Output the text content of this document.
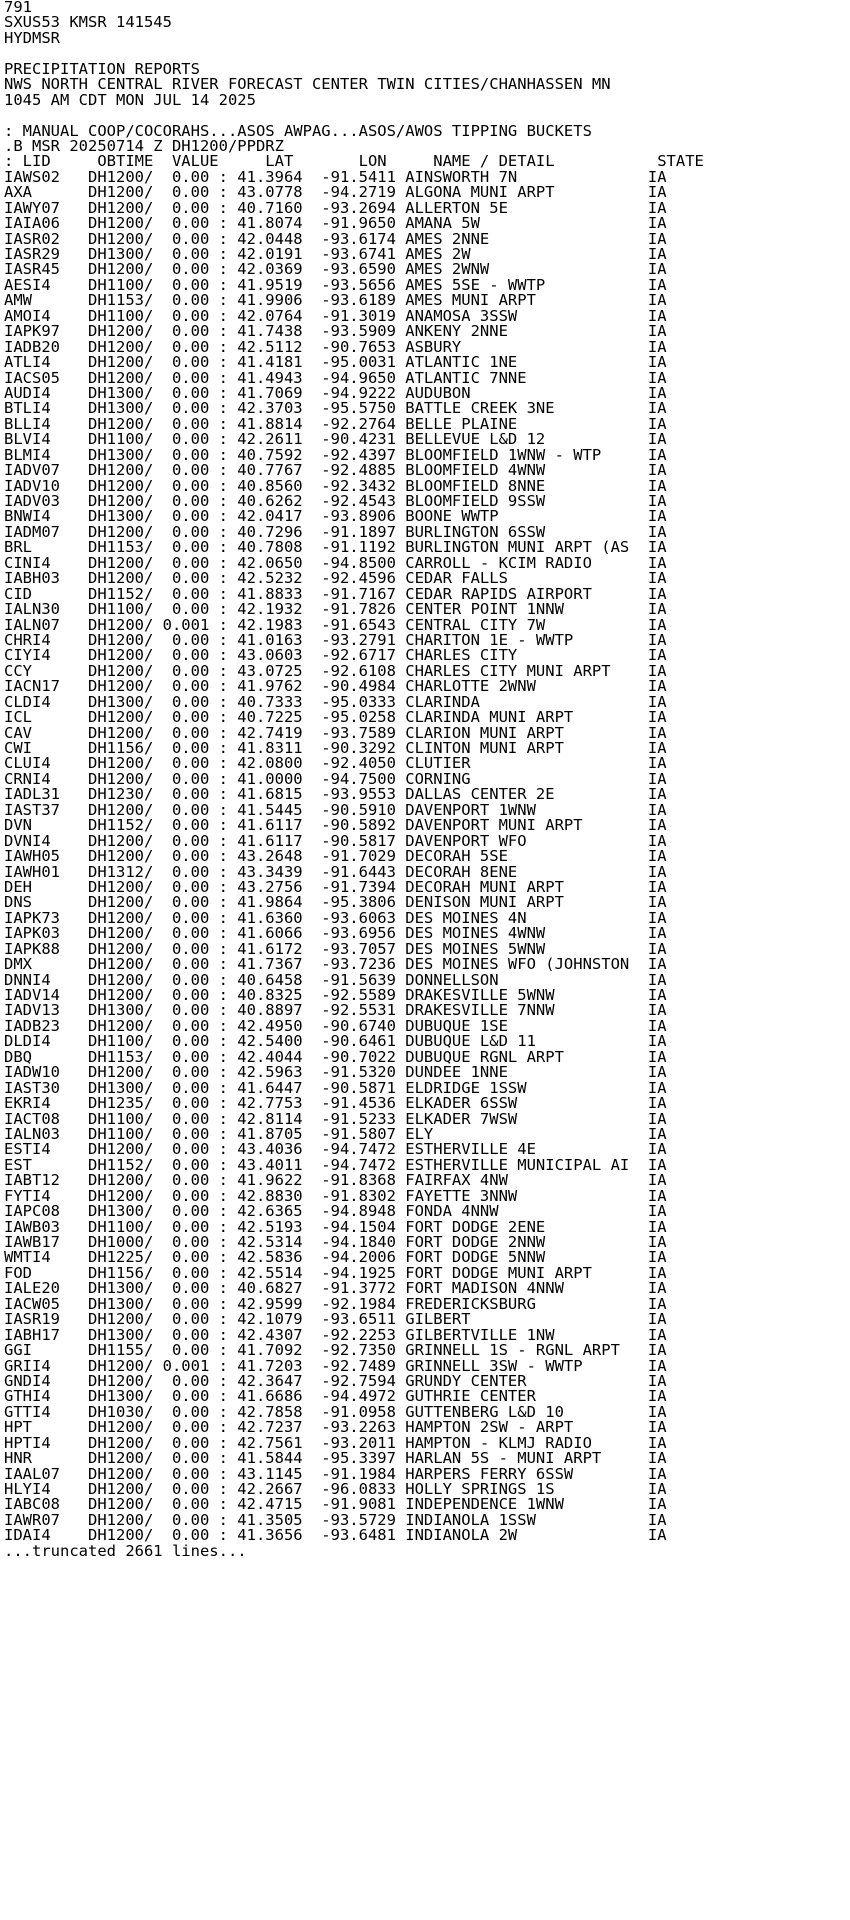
791
SXUS53 KMSR 141545
HYDMSR
PRECIPITATION REPORTS
NWS NORTH CENTRAL RIVER FORECAST CENTER TWIN CITIES/CHANHASSEN MN
1045 AM CDT MON JUL 14 2025
: MANUAL COOP/COCORAHS...ASOS AWPAG...ASOS/AWOS TIPPING BUCKETS
.B MSR 20250714 Z DH1200/PPDRZ
: LID     OBTIME  VALUE     LAT       LON     NAME / DETAIL           STATE
IAWS02   DH1200/  0.00 : 41.3964  -91.5411 AINSWORTH 7N              IA
AXA      DH1200/  0.00 : 43.0778  -94.2719 ALGONA MUNI ARPT          IA
IAWY07   DH1200/  0.00 : 40.7160  -93.2694 ALLERTON 5E               IA
IAIA06   DH1200/  0.00 : 41.8074  -91.9650 AMANA 5W                  IA
IASR02   DH1200/  0.00 : 42.0448  -93.6174 AMES 2NNE                 IA
IASR29   DH1300/  0.00 : 42.0191  -93.6741 AMES 2W                   IA
IASR45   DH1200/  0.00 : 42.0369  -93.6590 AMES 2WNW                 IA
AESI4    DH1100/  0.00 : 41.9519  -93.5656 AMES 5SE - WWTP           IA
AMW      DH1153/  0.00 : 41.9906  -93.6189 AMES MUNI ARPT            IA
AMOI4    DH1100/  0.00 : 42.0764  -91.3019 ANAMOSA 3SSW              IA
IAPK97   DH1200/  0.00 : 41.7438  -93.5909 ANKENY 2NNE               IA
IADB20   DH1200/  0.00 : 42.5112  -90.7653 ASBURY                    IA
ATLI4    DH1200/  0.00 : 41.4181  -95.0031 ATLANTIC 1NE              IA
IACS05   DH1200/  0.00 : 41.4943  -94.9650 ATLANTIC 7NNE             IA
AUDI4    DH1300/  0.00 : 41.7069  -94.9222 AUDUBON                   IA
BTLI4    DH1300/  0.00 : 42.3703  -95.5750 BATTLE CREEK 3NE          IA
BLLI4    DH1200/  0.00 : 41.8814  -92.2764 BELLE PLAINE              IA
BLVI4    DH1100/  0.00 : 42.2611  -90.4231 BELLEVUE L&D 12           IA
BLMI4    DH1300/  0.00 : 40.7592  -92.4397 BLOOMFIELD 1WNW - WTP     IA
IADV07   DH1200/  0.00 : 40.7767  -92.4885 BLOOMFIELD 4WNW           IA
IADV10   DH1200/  0.00 : 40.8560  -92.3432 BLOOMFIELD 8NNE           IA
IADV03   DH1200/  0.00 : 40.6262  -92.4543 BLOOMFIELD 9SSW           IA
BNWI4    DH1300/  0.00 : 42.0417  -93.8906 BOONE WWTP                IA
IADM07   DH1200/  0.00 : 40.7296  -91.1897 BURLINGTON 6SSW           IA
BRL      DH1153/  0.00 : 40.7808  -91.1192 BURLINGTON MUNI ARPT (AS  IA
CINI4    DH1200/  0.00 : 42.0650  -94.8500 CARROLL - KCIM RADIO      IA
IABH03   DH1200/  0.00 : 42.5232  -92.4596 CEDAR FALLS               IA
CID      DH1152/  0.00 : 41.8833  -91.7167 CEDAR RAPIDS AIRPORT      IA
IALN30   DH1100/  0.00 : 42.1932  -91.7826 CENTER POINT 1NNW         IA
IALN07   DH1200/ 0.001 : 42.1983  -91.6543 CENTRAL CITY 7W           IA
CHRI4    DH1200/  0.00 : 41.0163  -93.2791 CHARITON 1E - WWTP        IA
CIYI4    DH1200/  0.00 : 43.0603  -92.6717 CHARLES CITY              IA
CCY      DH1200/  0.00 : 43.0725  -92.6108 CHARLES CITY MUNI ARPT    IA
IACN17   DH1200/  0.00 : 41.9762  -90.4984 CHARLOTTE 2WNW            IA
CLDI4    DH1300/  0.00 : 40.7333  -95.0333 CLARINDA                  IA
ICL      DH1200/  0.00 : 40.7225  -95.0258 CLARINDA MUNI ARPT        IA
CAV      DH1200/  0.00 : 42.7419  -93.7589 CLARION MUNI ARPT         IA
CWI      DH1156/  0.00 : 41.8311  -90.3292 CLINTON MUNI ARPT         IA
CLUI4    DH1200/  0.00 : 42.0800  -92.4050 CLUTIER                   IA
CRNI4    DH1200/  0.00 : 41.0000  -94.7500 CORNING                   IA
IADL31   DH1230/  0.00 : 41.6815  -93.9553 DALLAS CENTER 2E          IA
IAST37   DH1200/  0.00 : 41.5445  -90.5910 DAVENPORT 1WNW            IA
DVN      DH1152/  0.00 : 41.6117  -90.5892 DAVENPORT MUNI ARPT       IA
DVNI4    DH1200/  0.00 : 41.6117  -90.5817 DAVENPORT WFO             IA
IAWH05   DH1200/  0.00 : 43.2648  -91.7029 DECORAH 5SE               IA
IAWH01   DH1312/  0.00 : 43.3439  -91.6443 DECORAH 8ENE              IA
DEH      DH1200/  0.00 : 43.2756  -91.7394 DECORAH MUNI ARPT         IA
DNS      DH1200/  0.00 : 41.9864  -95.3806 DENISON MUNI ARPT         IA
IAPK73   DH1200/  0.00 : 41.6360  -93.6063 DES MOINES 4N             IA
IAPK03   DH1200/  0.00 : 41.6066  -93.6956 DES MOINES 4WNW           IA
IAPK88   DH1200/  0.00 : 41.6172  -93.7057 DES MOINES 5WNW           IA
DMX      DH1200/  0.00 : 41.7367  -93.7236 DES MOINES WFO (JOHNSTON  IA
DNNI4    DH1200/  0.00 : 40.6458  -91.5639 DONNELLSON                IA
IADV14   DH1200/  0.00 : 40.8325  -92.5589 DRAKESVILLE 5WNW          IA
IADV13   DH1300/  0.00 : 40.8897  -92.5531 DRAKESVILLE 7NNW          IA
IADB23   DH1200/  0.00 : 42.4950  -90.6740 DUBUQUE 1SE               IA
DLDI4    DH1100/  0.00 : 42.5400  -90.6461 DUBUQUE L&D 11            IA
DBQ      DH1153/  0.00 : 42.4044  -90.7022 DUBUQUE RGNL ARPT         IA
IADW10   DH1200/  0.00 : 42.5963  -91.5320 DUNDEE 1NNE               IA
IAST30   DH1300/  0.00 : 41.6447  -90.5871 ELDRIDGE 1SSW             IA
EKRI4    DH1235/  0.00 : 42.7753  -91.4536 ELKADER 6SSW              IA
IACT08   DH1100/  0.00 : 42.8114  -91.5233 ELKADER 7WSW              IA
IALN03   DH1100/  0.00 : 41.8705  -91.5807 ELY                       IA
ESTI4    DH1200/  0.00 : 43.4036  -94.7472 ESTHERVILLE 4E            IA
EST      DH1152/  0.00 : 43.4011  -94.7472 ESTHERVILLE MUNICIPAL AI  IA
IABT12   DH1200/  0.00 : 41.9622  -91.8368 FAIRFAX 4NW               IA
FYTI4    DH1200/  0.00 : 42.8830  -91.8302 FAYETTE 3NNW              IA
IAPC08   DH1300/  0.00 : 42.6365  -94.8948 FONDA 4NNW                IA
IAWB03   DH1100/  0.00 : 42.5193  -94.1504 FORT DODGE 2ENE           IA
IAWB17   DH1000/  0.00 : 42.5314  -94.1840 FORT DODGE 2NNW           IA
WMTI4    DH1225/  0.00 : 42.5836  -94.2006 FORT DODGE 5NNW           IA
FOD      DH1156/  0.00 : 42.5514  -94.1925 FORT DODGE MUNI ARPT      IA
IALE20   DH1300/  0.00 : 40.6827  -91.3772 FORT MADISON 4NNW         IA
IACW05   DH1300/  0.00 : 42.9599  -92.1984 FREDERICKSBURG            IA
IASR19   DH1200/  0.00 : 42.1079  -93.6511 GILBERT                   IA
IABH17   DH1300/  0.00 : 42.4307  -92.2253 GILBERTVILLE 1NW          IA
GGI      DH1155/  0.00 : 41.7092  -92.7350 GRINNELL 1S - RGNL ARPT   IA
GRII4    DH1200/ 0.001 : 41.7203  -92.7489 GRINNELL 3SW - WWTP       IA
GNDI4    DH1200/  0.00 : 42.3647  -92.7594 GRUNDY CENTER             IA
GTHI4    DH1300/  0.00 : 41.6686  -94.4972 GUTHRIE CENTER            IA
GTTI4    DH1030/  0.00 : 42.7858  -91.0958 GUTTENBERG L&D 10         IA
HPT      DH1200/  0.00 : 42.7237  -93.2263 HAMPTON 2SW - ARPT        IA
HPTI4    DH1200/  0.00 : 42.7561  -93.2011 HAMPTON - KLMJ RADIO      IA
HNR      DH1200/  0.00 : 41.5844  -95.3397 HARLAN 5S - MUNI ARPT     IA
IAAL07   DH1200/  0.00 : 43.1145  -91.1984 HARPERS FERRY 6SSW        IA
HLYI4    DH1200/  0.00 : 42.2667  -96.0833 HOLLY SPRINGS 1S          IA
IABC08   DH1200/  0.00 : 42.4715  -91.9081 INDEPENDENCE 1WNW         IA
IAWR07   DH1200/  0.00 : 41.3505  -93.5729 INDIANOLA 1SSW            IA
IDAI4    DH1200/  0.00 : 41.3656  -93.6481 INDIANOLA 2W              IA
...truncated 2661 lines...
